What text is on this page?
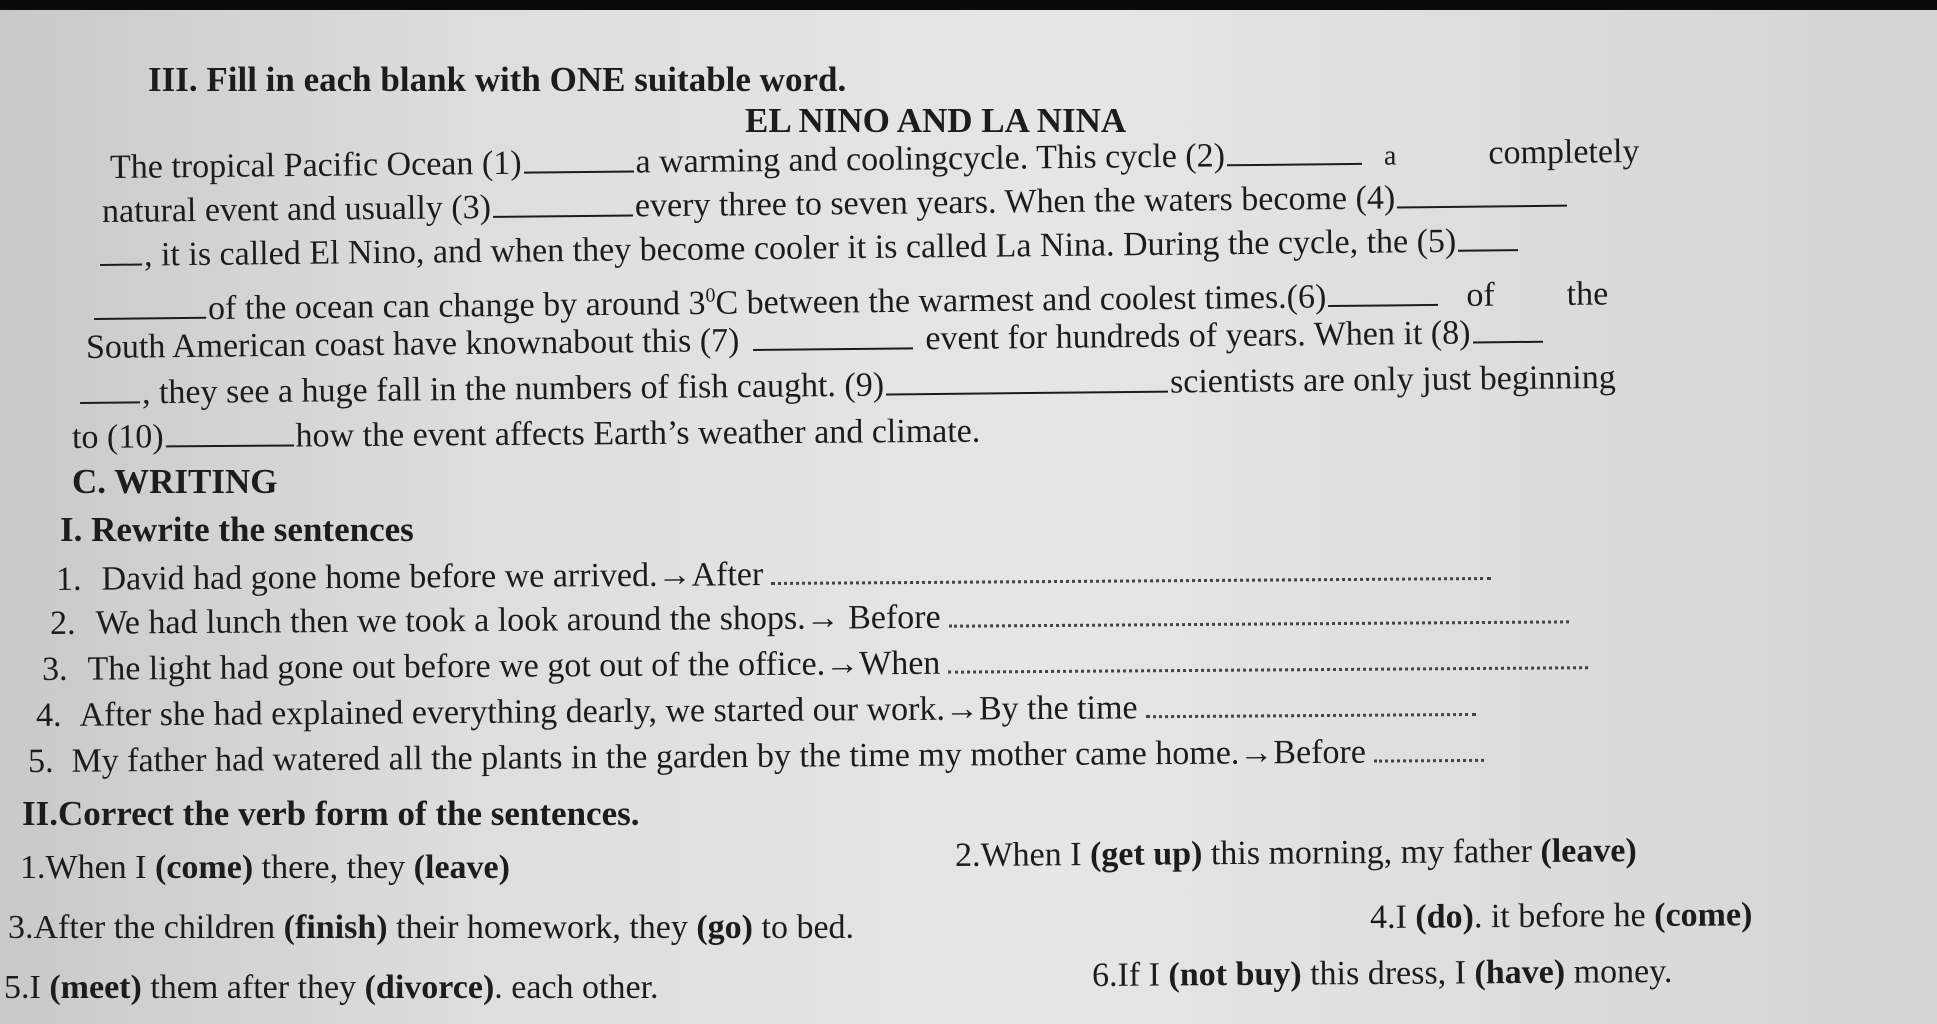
III. Fill in each blank with ONE suitable word.
EL NINO AND LA NINA
The tropical Pacific Ocean (1)	a warming and coolingcycle. This cycle (2)	a	completely
natural event and usually (3)	every three to seven years. When the waters become (4)
, it is called El Nino, and when they become cooler it is called La Nina. During the cycle, the (5)
of the ocean can change by around $3^0C$ between the warmest and coolest times.(6)	of the
South American coast have knownabout this (7)	event for hundreds of years. When it (8)
, they see a huge fall in the numbers of fish caught. (9)	scientists are only just beginning
to (10)	how the event affects Earth’s weather and climate.
C. WRITING
I. Rewrite the sentences
1. David had gone home before we arrived.→After
2. We had lunch then we took a look around the shops.→ Before
3. The light had gone out before we got out of the office.→When
4. After she had explained everything dearly, we started our work.→By the time
5. My father had watered all the plants in the garden by the time my mother came home.→Before
II.Correct the verb form of the sentences.
1.When I (come) there, they (leave)	2.When I (get up) this morning, my father (leave)
3.After the children (finish) their homework, they (go) to bed.	4.I (do). it before he (come)
5.I (meet) them after they (divorce). each other.	6.If I (not buy) this dress, I (have) money.
